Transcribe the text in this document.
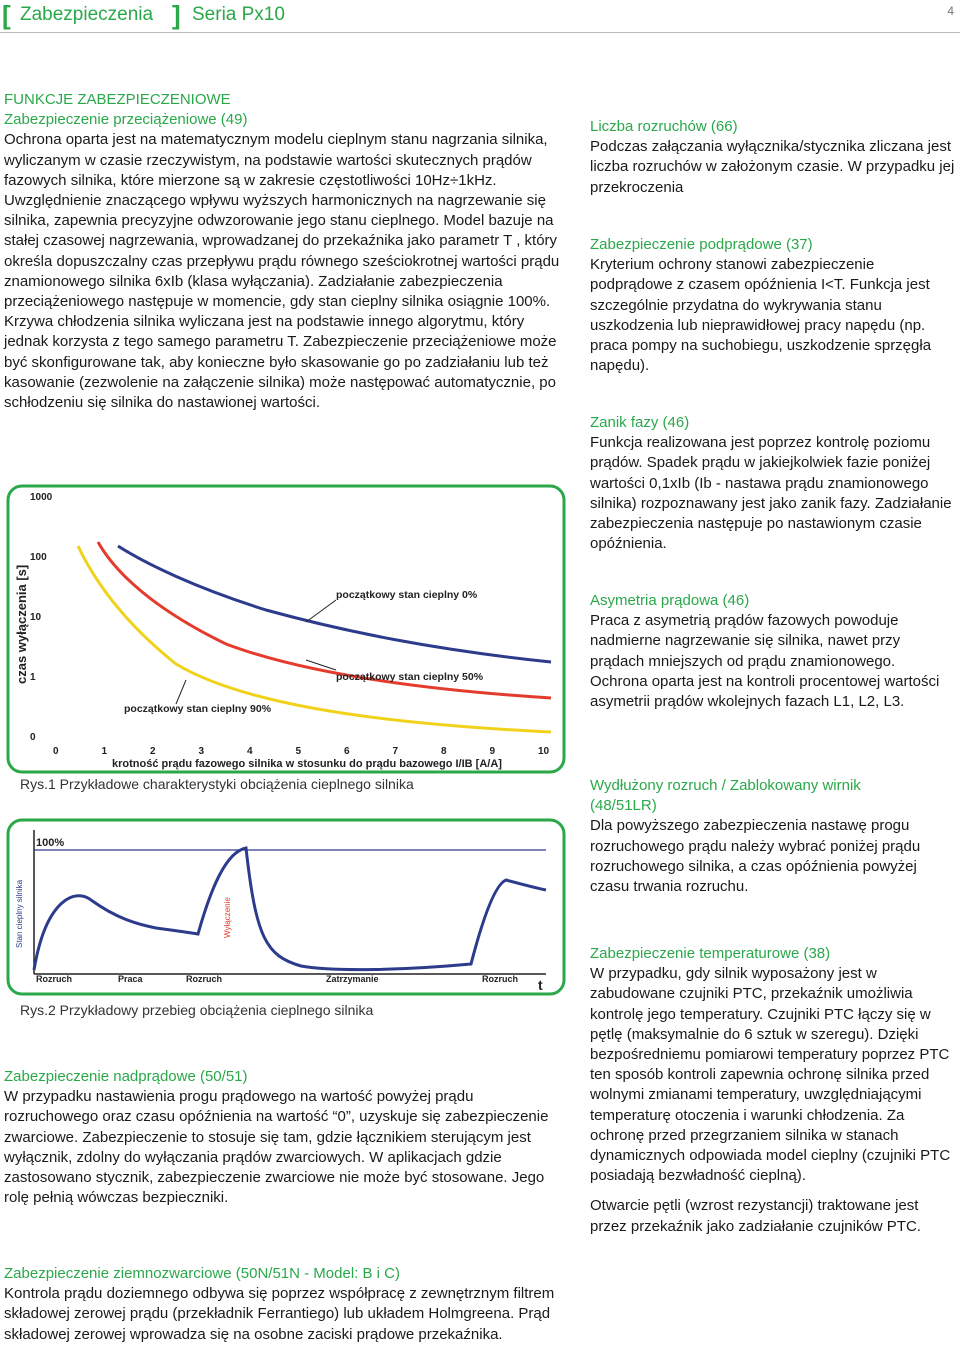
[ Zabezpieczenia ] Seria Px10	4

FUNKCJE ZABEZPIECZENIOWE

Zabezpieczenie przeciążeniowe (49)

Ochrona oparta jest na matematycznym modelu cieplnym stanu nagrzania silnika, wyliczanym w czasie rzeczywistym, na podstawie wartości skutecznych prądów fazowych silnika, które mierzone są w zakresie częstotliwości 10Hz÷1kHz. Uwzględnienie znaczącego wpływu wyższych harmonicznych na nagrzewanie się silnika, zapewnia precyzyjne odwzorowanie jego stanu cieplnego. Model bazuje na stałej czasowej nagrzewania, wprowadzanej do przekaźnika jako parametr T , który określa dopuszczalny czas przepływu prądu równego sześciokrotnej wartości prądu znamionowego silnika 6xIb (klasa wyłączania). Zadziałanie zabezpieczenia przeciążeniowego następuje w momencie, gdy stan cieplny silnika osiągnie 100%. Krzywa chłodzenia silnika wyliczana jest na podstawie innego algorytmu, który jednak korzysta z tego samego parametru T. Zabezpieczenie przeciążeniowe może być skonfigurowane tak, aby konieczne było skasowanie go po zadziałaniu lub też kasowanie (zezwolenie na załączenie silnika) może następować automatycznie, po schłodzeniu się silnika do nastawionej wartości.

1000
100
10
1
0
0	1	2	3	4	5	6	7	8	9	10
czas wyłączenia [s]
krotność prądu fazowego silnika w stosunku do prądu bazowego I/IB [A/A]
początkowy stan cieplny 0%
początkowy stan cieplny 50%
początkowy stan cieplny 90%
Rys.1 Przykładowe charakterystyki obciążenia cieplnego silnika
100%
Stan cieplny silnika	Wyłączenie
t
Rozruch	Praca	Rozruch	Zatrzymanie	Rozruch
Rys.2 Przykładowy przebieg obciążenia cieplnego silnika

Zabezpieczenie nadprądowe (50/51)

W przypadku nastawienia progu prądowego na wartość powyżej prądu rozruchowego oraz czasu opóźnienia na wartość “0”, uzyskuje się zabezpieczenie zwarciowe. Zabezpieczenie to stosuje się tam, gdzie łącznikiem sterującym jest wyłącznik, zdolny do wyłączania prądów zwarciowych. W aplikacjach gdzie zastosowano stycznik, zabezpieczenie zwarciowe nie może być stosowane. Jego rolę pełnią wówczas bezpieczniki.

Zabezpieczenie ziemnozwarciowe (50N/51N - Model: B i C)

Kontrola prądu doziemnego odbywa się poprzez współpracę z zewnętrznym filtrem składowej zerowej prądu (przekładnik Ferrantiego) lub układem Holmgreena. Prąd składowej zerowej wprowadza się na osobne zaciski prądowe przekaźnika.

Liczba rozruchów (66)

Podczas załączania wyłącznika/stycznika zliczana jest liczba rozruchów w założonym czasie. W przypadku jej przekroczenia

Zabezpieczenie podprądowe (37)

Kryterium ochrony stanowi zabezpieczenie podprądowe z czasem opóźnienia I<T. Funkcja jest szczególnie przydatna do wykrywania stanu uszkodzenia lub nieprawidłowej pracy napędu (np. praca pompy na suchobiegu, uszkodzenie sprzęgła napędu).

Zanik fazy (46)

Funkcja realizowana jest poprzez kontrolę poziomu prądów. Spadek prądu w jakiejkolwiek fazie poniżej wartości 0,1xIb (Ib - nastawa prądu znamionowego silnika) rozpoznawany jest jako zanik fazy. Zadziałanie zabezpieczenia następuje po nastawionym czasie opóźnienia.

Asymetria prądowa (46)

Praca z asymetrią prądów fazowych powoduje nadmierne nagrzewanie się silnika, nawet przy prądach mniejszych od prądu znamionowego. Ochrona oparta jest na kontroli procentowej wartości asymetrii prądów wkolejnych fazach L1, L2, L3.

Wydłużony rozruch / Zablokowany wirnik (48/51LR)

Dla powyższego zabezpieczenia nastawę progu rozruchowego prądu należy wybrać poniżej prądu rozruchowego silnika, a czas opóźnienia powyżej czasu trwania rozruchu.

Zabezpieczenie temperaturowe (38)

W przypadku, gdy silnik wyposażony jest w zabudowane czujniki PTC, przekaźnik umożliwia kontrolę jego temperatury. Czujniki PTC łączy się w pętlę (maksymalnie do 6 sztuk w szeregu). Dzięki bezpośredniemu pomiarowi temperatury poprzez PTC ten sposób kontroli zapewnia ochronę silnika przed wolnymi zmianami temperatury, uwzględniającymi temperaturę otoczenia i warunki chłodzenia. Za ochronę przed przegrzaniem silnika w stanach dynamicznych odpowiada model cieplny (czujniki PTC posiadają bezwładność cieplną).

Otwarcie pętli (wzrost rezystancji) traktowane jest przez przekaźnik jako zadziałanie czujników PTC.
